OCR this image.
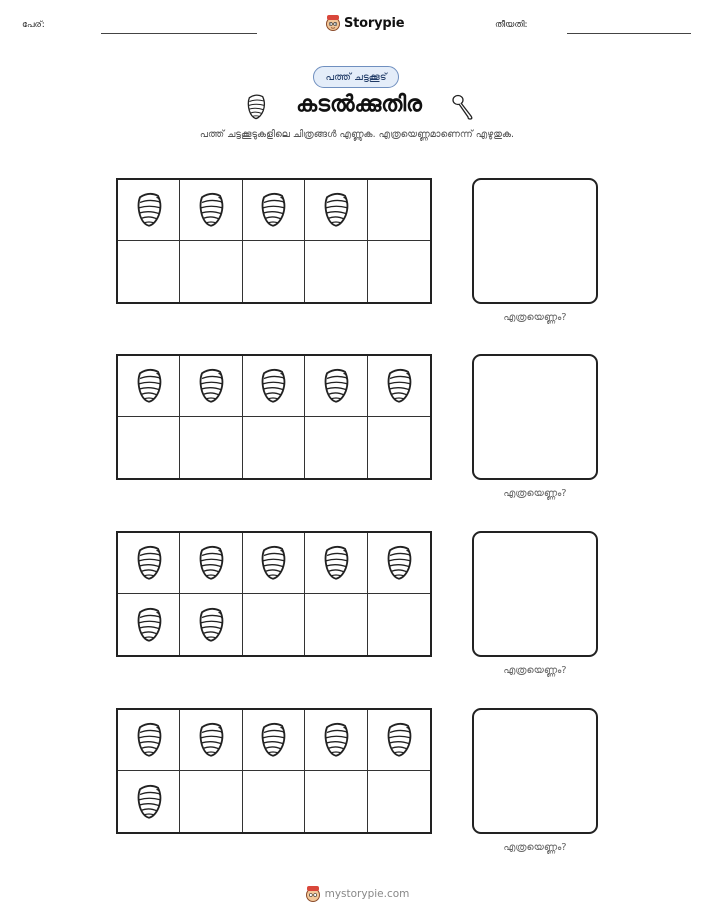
പേര്:	Storypie	തീയതി:
പത്ത് ചട്ടക്കൂട്
കടൽക്കുതിര
പത്ത് ചട്ടക്കൂടുകളിലെ ചിത്രങ്ങൾ എണ്ണുക. എത്രയെണ്ണമാണെന്ന് എഴുതുക.
എത്രയെണ്ണം?
എത്രയെണ്ണം?
എത്രയെണ്ണം?
എത്രയെണ്ണം?
mystorypie.com
